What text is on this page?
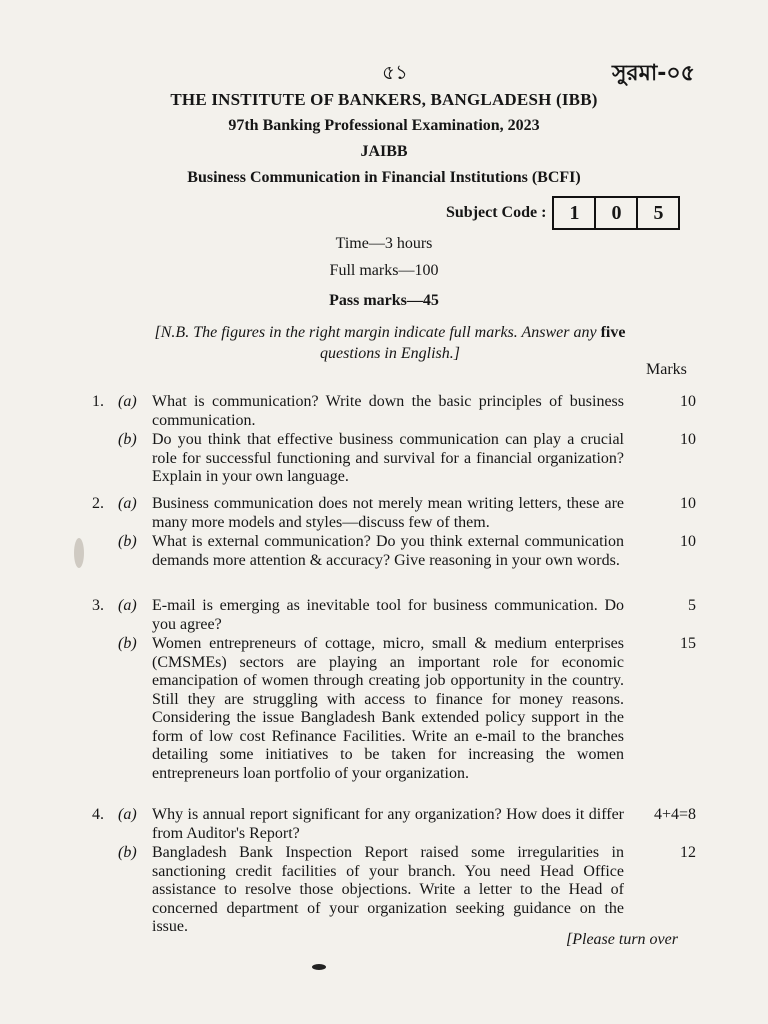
৫১	সুরমা-০৫
THE INSTITUTE OF BANKERS, BANGLADESH (IBB)
97th Banking Professional Examination, 2023
JAIBB
Business Communication in Financial Institutions (BCFI)
Subject Code :	1	0	5
Time—3 hours
Full marks—100
Pass marks—45
[N.B. The figures in the right margin indicate full marks. Answer any five
questions in English.]
Marks
1. (a) What is communication? Write down the basic principles of business communication.
10
(b) Do you think that effective business communication can play a crucial role for successful functioning and survival for a financial organization? Explain in your own language.
10
2. (a) Business communication does not merely mean writing letters, these are many more models and styles—discuss few of them.
10
(b) What is external communication? Do you think external communication demands more attention & accuracy? Give reasoning in your own words.
10
3. (a) E-mail is emerging as inevitable tool for business communication. Do you agree?
5
(b) Women entrepreneurs of cottage, micro, small & medium enterprises (CMSMEs) sectors are playing an important role for economic emancipation of women through creating job opportunity in the country. Still they are struggling with access to finance for money reasons. Considering the issue Bangladesh Bank extended policy support in the form of low cost Refinance Facilities. Write an e-mail to the branches detailing some initiatives to be taken for increasing the women entrepreneurs loan portfolio of your organization.
15
4. (a) Why is annual report significant for any organization? How does it differ from Auditor's Report?
4+4=8
(b) Bangladesh Bank Inspection Report raised some irregularities in sanctioning credit facilities of your branch. You need Head Office assistance to resolve those objections. Write a letter to the Head of concerned department of your organization seeking guidance on the issue.
12
[Please turn over
